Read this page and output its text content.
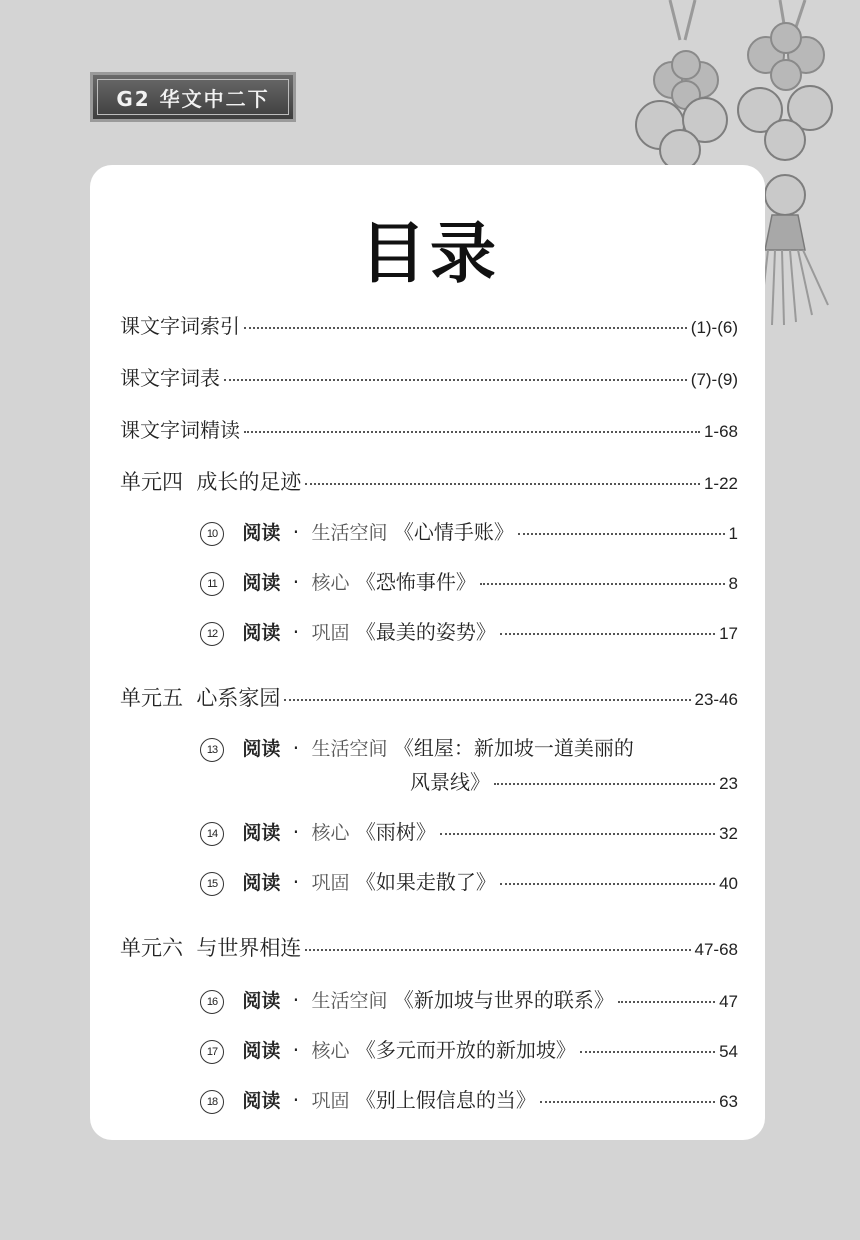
G2 华文中二下
目录
课文字词索引	(1)-(6)
课文字词表	(7)-(9)
课文字词精读	1-68
单元四  成长的足迹	1-22
10 阅读 · 生活空间 《心情手账》	1
11 阅读 · 核心 《恐怖事件》	8
12 阅读 · 巩固 《最美的姿势》	17
单元五  心系家园	23-46
13 阅读 · 生活空间 《组屋：新加坡一道美丽的
风景线》	23
14 阅读 · 核心 《雨树》	32
15 阅读 · 巩固 《如果走散了》	40
单元六  与世界相连	47-68
16 阅读 · 生活空间 《新加坡与世界的联系》	47
17 阅读 · 核心 《多元而开放的新加坡》	54
18 阅读 · 巩固 《别上假信息的当》	63
